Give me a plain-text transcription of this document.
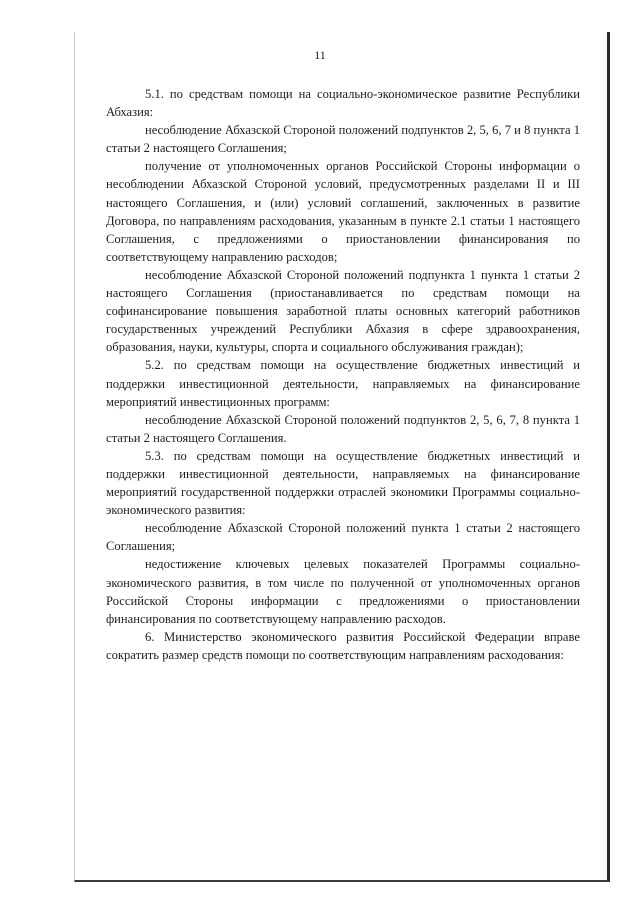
11

5.1. по средствам помощи на социально-экономическое развитие Республики Абхазия:

несоблюдение Абхазской Стороной положений подпунктов 2, 5, 6, 7 и 8 пункта 1 статьи 2 настоящего Соглашения;

получение от уполномоченных органов Российской Стороны информации о несоблюдении Абхазской Стороной условий, предусмотренных разделами II и III настоящего Соглашения, и (или) условий соглашений, заключенных в развитие Договора, по направлениям расходования, указанным в пункте 2.1 статьи 1 настоящего Соглашения, с предложениями о приостановлении финансирования по соответствующему направлению расходов;

несоблюдение Абхазской Стороной положений подпункта 1 пункта 1 статьи 2 настоящего Соглашения (приостанавливается по средствам помощи на софинансирование повышения заработной платы основных категорий работников государственных учреждений Республики Абхазия в сфере здравоохранения, образования, науки, культуры, спорта и социального обслуживания граждан);

5.2. по средствам помощи на осуществление бюджетных инвестиций и поддержки инвестиционной деятельности, направляемых на финансирование мероприятий инвестиционных программ:

несоблюдение Абхазской Стороной положений подпунктов 2, 5, 6, 7, 8 пункта 1 статьи 2 настоящего Соглашения.

5.3. по средствам помощи на осуществление бюджетных инвестиций и поддержки инвестиционной деятельности, направляемых на финансирование мероприятий государственной поддержки отраслей экономики Программы социально-экономического развития:

несоблюдение Абхазской Стороной положений пункта 1 статьи 2 настоящего Соглашения;

недостижение ключевых целевых показателей Программы социально-экономического развития, в том числе по полученной от уполномоченных органов Российской Стороны информации с предложениями о приостановлении финансирования по соответствующему направлению расходов.

6. Министерство экономического развития Российской Федерации вправе сократить размер средств помощи по соответствующим направлениям расходования:
